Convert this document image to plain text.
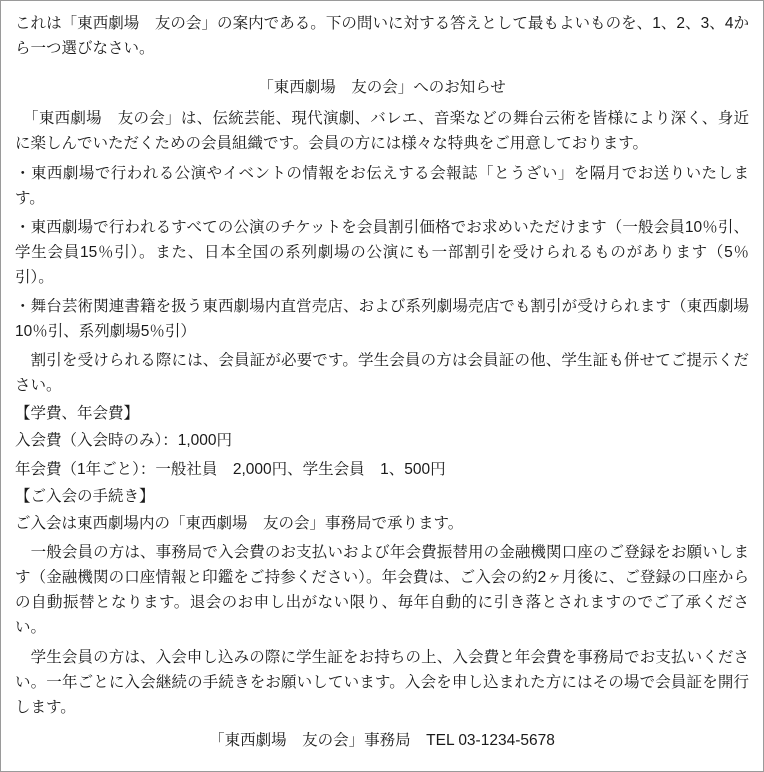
これは「東西劇場　友の会」の案内である。下の問いに対する答えとして最もよいものを、1、2、3、4から一つ選びなさい。

「東西劇場　友の会」へのお知らせ

　「東西劇場　友の会」は、伝統芸能、現代演劇、バレエ、音楽などの舞台云術を皆様により深く、身近に楽しんでいただくための会員組織です。会員の方には様々な特典をご用意しております。

・東西劇場で行われる公演やイベントの情報をお伝えする会報誌「とうざい」を隔月でお送りいたします。

・東西劇場で行われるすべての公演のチケットを会員割引価格でお求めいただけます（一般会員10％引、学生会員15％引）。また、日本全国の系列劇場の公演にも一部割引を受けられるものがあります（5％引）。

・舞台芸術関連書籍を扱う東西劇場内直営売店、および系列劇場売店でも割引が受けられます（東西劇場10％引、系列劇場5％引）

　割引を受けられる際には、会員証が必要です。学生会員の方は会員証の他、学生証も併せてご提示ください。

【学費、年会費】

入会費（入会時のみ）：1,000円

年会費（1年ごと）：一般社員　2,000円、学生会員　1、500円

【ご入会の手続き】

ご入会は東西劇場内の「東西劇場　友の会」事務局で承ります。

　一般会員の方は、事務局で入会費のお支払いおよび年会費振替用の金融機関口座のご登録をお願いします（金融機関の口座情報と印鑑をご持参ください）。年会費は、ご入会の約2ヶ月後に、ご登録の口座からの自動振替となります。退会のお申し出がない限り、毎年自動的に引き落とされますのでご了承ください。

　学生会員の方は、入会申し込みの際に学生証をお持ちの上、入会費と年会費を事務局でお支払いください。一年ごとに入会継続の手続きをお願いしています。入会を申し込まれた方にはその場で会員証を開行します。

「東西劇場　友の会」事務局　TEL 03-1234-5678
